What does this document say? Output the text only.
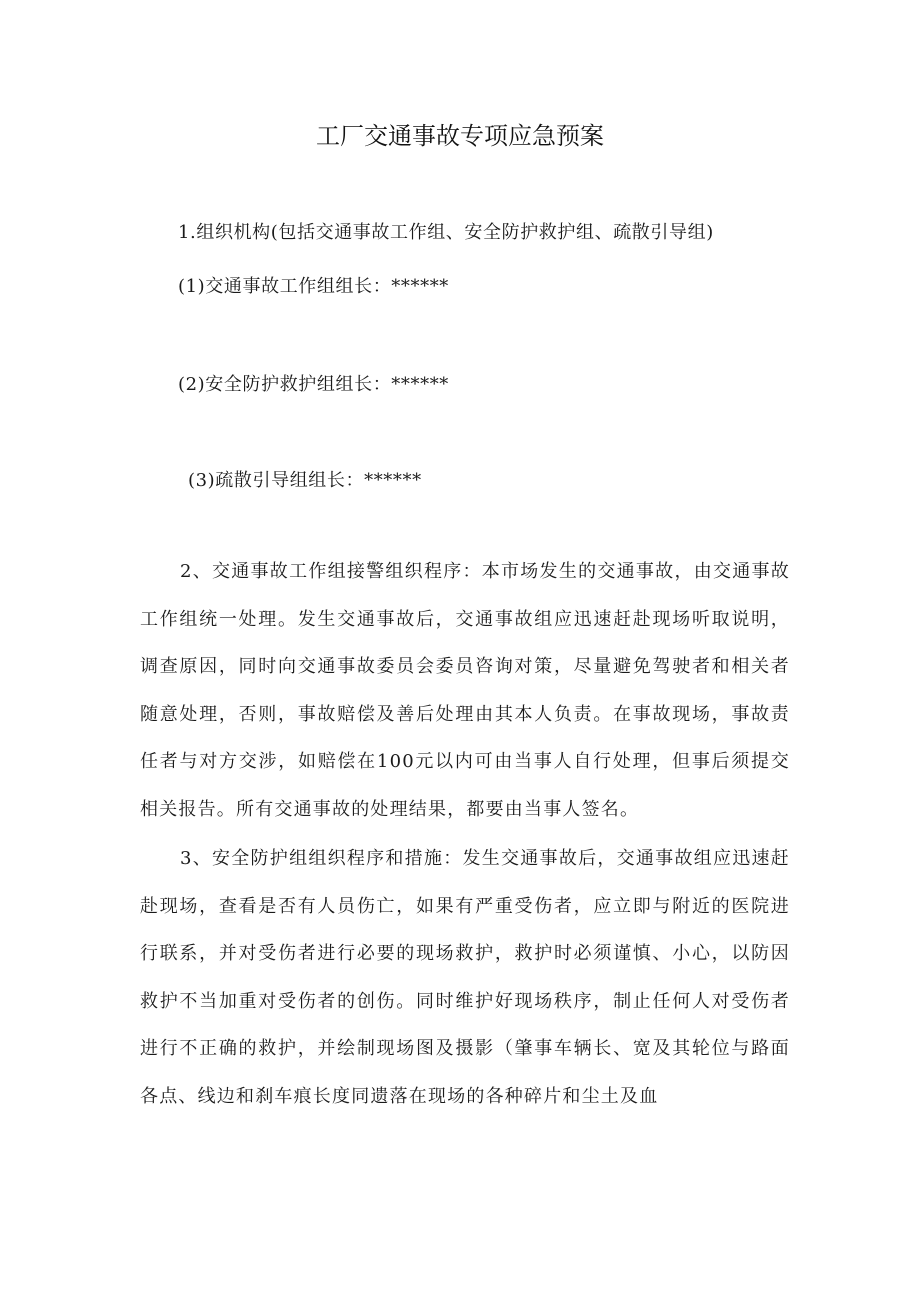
工厂交通事故专项应急预案
1.组织机构(包括交通事故工作组、安全防护救护组、疏散引导组)
(1)交通事故工作组组长：******
(2)安全防护救护组组长：******
(3)疏散引导组组长：******
2、交通事故工作组接警组织程序：本市场发生的交通事故，由交通事故工作组统一处理。发生交通事故后，交通事故组应迅速赶赴现场听取说明，调查原因，同时向交通事故委员会委员咨询对策，尽量避免驾驶者和相关者随意处理，否则，事故赔偿及善后处理由其本人负责。在事故现场，事故责任者与对方交涉，如赔偿在100元以内可由当事人自行处理，但事后须提交相关报告。所有交通事故的处理结果，都要由当事人签名。
3、安全防护组组织程序和措施：发生交通事故后，交通事故组应迅速赶赴现场，查看是否有人员伤亡，如果有严重受伤者，应立即与附近的医院进行联系，并对受伤者进行必要的现场救护，救护时必须谨慎、小心，以防因救护不当加重对受伤者的创伤。同时维护好现场秩序，制止任何人对受伤者进行不正确的救护，并绘制现场图及摄影（肇事车辆长、宽及其轮位与路面各点、线边和刹车痕长度同遗落在现场的各种碎片和尘土及血
